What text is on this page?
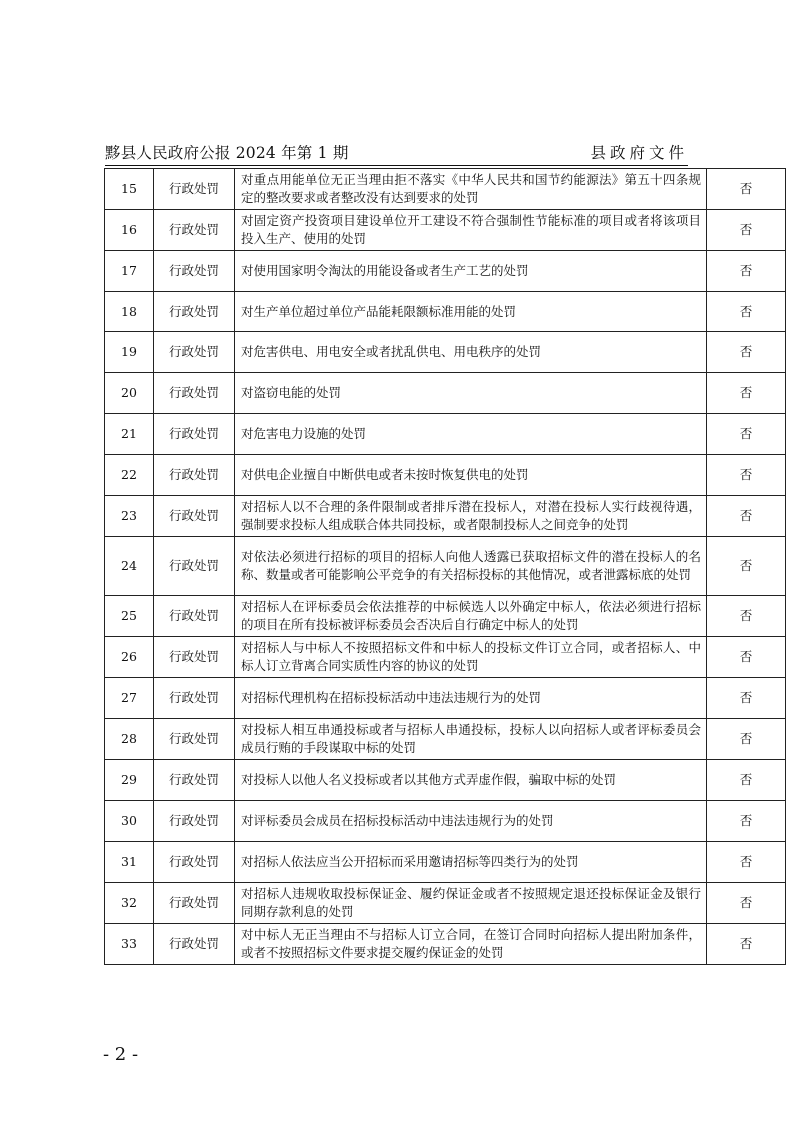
黟县人民政府公报 2024 年第 1 期	县政府文件
15	行政处罚	对重点用能单位无正当理由拒不落实《中华人民共和国节约能源法》第五十四条规定的整改要求或者整改没有达到要求的处罚	否
16	行政处罚	对固定资产投资项目建设单位开工建设不符合强制性节能标准的项目或者将该项目投入生产、使用的处罚	否
17	行政处罚	对使用国家明令淘汰的用能设备或者生产工艺的处罚	否
18	行政处罚	对生产单位超过单位产品能耗限额标准用能的处罚	否
19	行政处罚	对危害供电、用电安全或者扰乱供电、用电秩序的处罚	否
20	行政处罚	对盗窃电能的处罚	否
21	行政处罚	对危害电力设施的处罚	否
22	行政处罚	对供电企业擅自中断供电或者未按时恢复供电的处罚	否
23	行政处罚	对招标人以不合理的条件限制或者排斥潜在投标人，对潜在投标人实行歧视待遇，强制要求投标人组成联合体共同投标，或者限制投标人之间竞争的处罚	否
24	行政处罚	对依法必须进行招标的项目的招标人向他人透露已获取招标文件的潜在投标人的名称、数量或者可能影响公平竞争的有关招标投标的其他情况，或者泄露标底的处罚	否
25	行政处罚	对招标人在评标委员会依法推荐的中标候选人以外确定中标人，依法必须进行招标的项目在所有投标被评标委员会否决后自行确定中标人的处罚	否
26	行政处罚	对招标人与中标人不按照招标文件和中标人的投标文件订立合同，或者招标人、中标人订立背离合同实质性内容的协议的处罚	否
27	行政处罚	对招标代理机构在招标投标活动中违法违规行为的处罚	否
28	行政处罚	对投标人相互串通投标或者与招标人串通投标，投标人以向招标人或者评标委员会成员行贿的手段谋取中标的处罚	否
29	行政处罚	对投标人以他人名义投标或者以其他方式弄虚作假，骗取中标的处罚	否
30	行政处罚	对评标委员会成员在招标投标活动中违法违规行为的处罚	否
31	行政处罚	对招标人依法应当公开招标而采用邀请招标等四类行为的处罚	否
32	行政处罚	对招标人违规收取投标保证金、履约保证金或者不按照规定退还投标保证金及银行同期存款利息的处罚	否
33	行政处罚	对中标人无正当理由不与招标人订立合同，在签订合同时向招标人提出附加条件，或者不按照招标文件要求提交履约保证金的处罚	否
- 2 -
